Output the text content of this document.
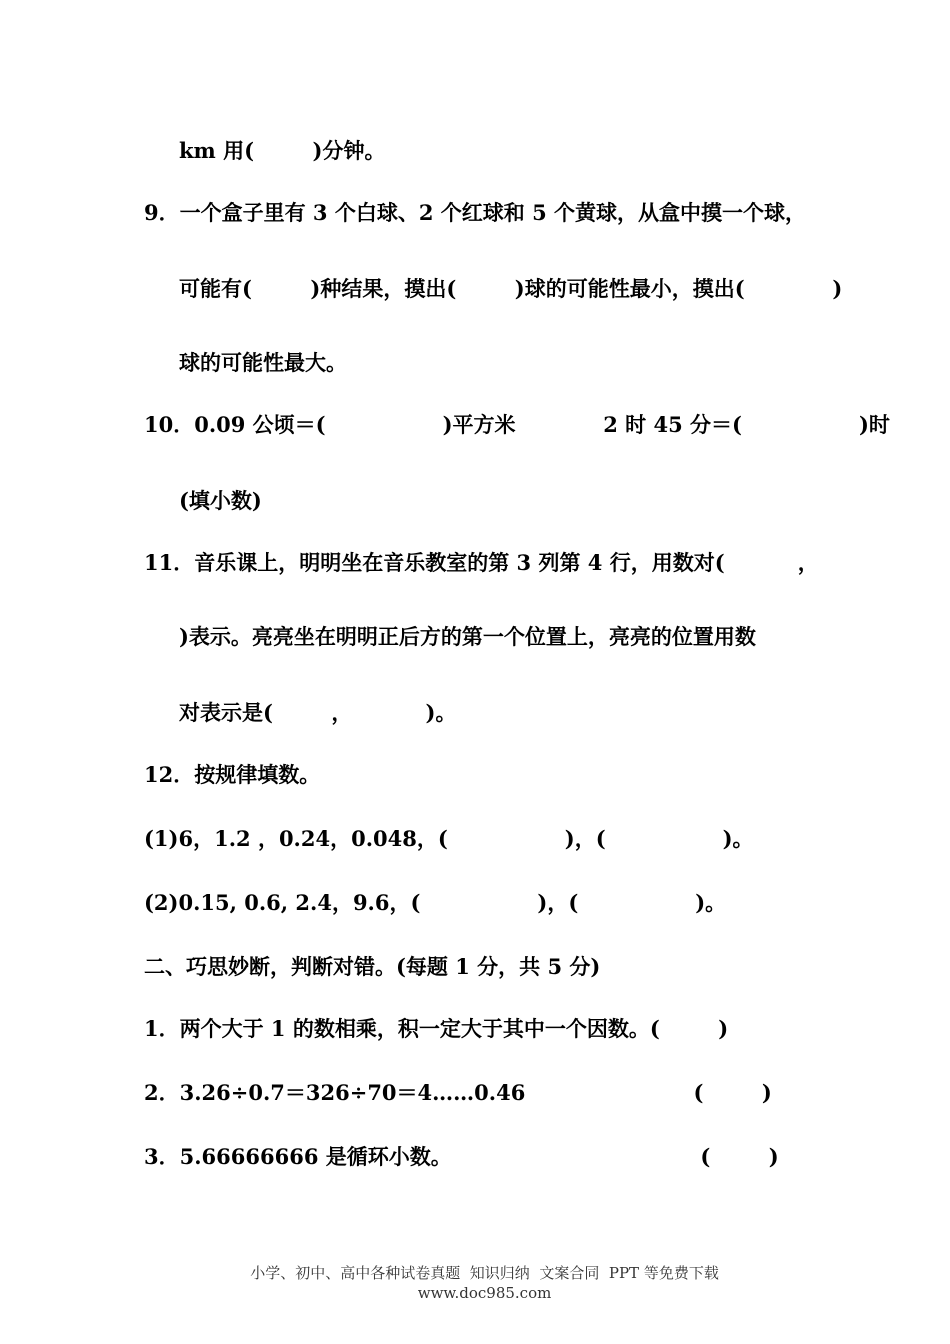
km 用(        )分钟。
9．一个盒子里有 3 个白球、2 个红球和 5 个黄球，从盒中摸一个球，
可能有(        )种结果，摸出(        )球的可能性最小，摸出(            )
球的可能性最大。
10．0.09 公顷＝(                )平方米            2 时 45 分＝(                )时
(填小数)
11．音乐课上，明明坐在音乐教室的第 3 列第 4 行，用数对(          ，
)表示。亮亮坐在明明正后方的第一个位置上，亮亮的位置用数
对表示是(        ，          )。
12．按规律填数。
(1)6，1.2 ，0.24，0.048，(                )，(                )。
(2)0.15, 0.6, 2.4，9.6，(                )，(                )。
二、巧思妙断，判断对错。(每题 1 分，共 5 分)
1．两个大于 1 的数相乘，积一定大于其中一个因数。(        )
2．3.26÷0.7＝326÷70＝4……0.46                       (        )
3．5.66666666 是循环小数。                                  (        )

小学、初中、高中各种试卷真题  知识归纳  文案合同  PPT 等免费下载
www.doc985.com
